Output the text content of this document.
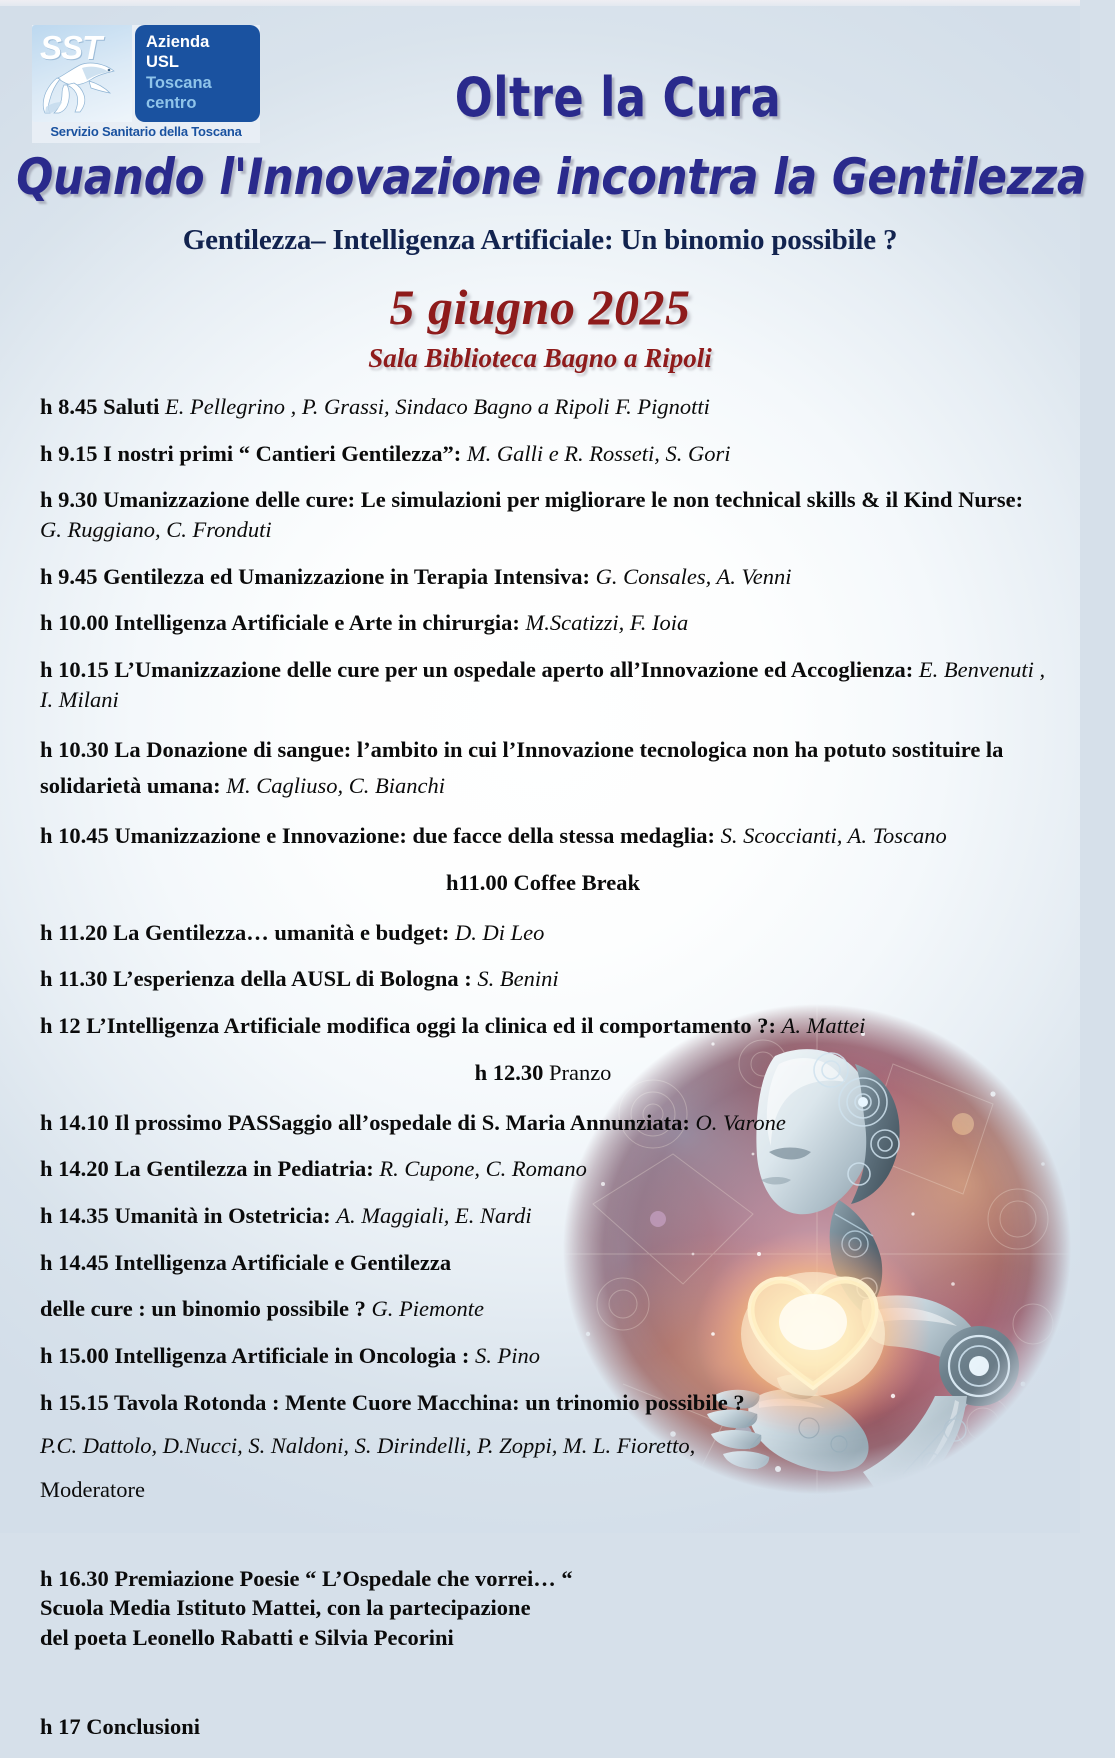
SST	Azienda
USL
Toscana
centro
Servizio Sanitario della Toscana
Oltre la Cura
Quando l'Innovazione incontra la Gentilezza
Gentilezza– Intelligenza Artificiale: Un binomio possibile ?
5 giugno 2025
Sala Biblioteca Bagno a Ripoli
h 8.45 Saluti E. Pellegrino , P. Grassi, Sindaco Bagno a Ripoli F. Pignotti
h 9.15 I nostri primi “ Cantieri Gentilezza”: M. Galli e R. Rosseti, S. Gori
h 9.30 Umanizzazione delle cure: Le simulazioni per migliorare le non technical skills & il Kind Nurse: G. Ruggiano, C. Fronduti
h 9.45 Gentilezza ed Umanizzazione in Terapia Intensiva: G. Consales, A. Venni
h 10.00 Intelligenza Artificiale e Arte in chirurgia: M.Scatizzi, F. Ioia
h 10.15 L’Umanizzazione delle cure per un ospedale aperto all’Innovazione ed Accoglienza: E. Benvenuti , I. Milani
h 10.30 La Donazione di sangue: l’ambito in cui l’Innovazione tecnologica non ha potuto sostituire la solidarietà umana: M. Cagliuso, C. Bianchi
h 10.45 Umanizzazione e Innovazione: due facce della stessa medaglia: S. Scoccianti, A. Toscano
h11.00 Coffee Break
h 11.20 La Gentilezza… umanità e budget: D. Di Leo
h 11.30 L’esperienza della AUSL di Bologna : S. Benini
h 12 L’Intelligenza Artificiale modifica oggi la clinica ed il comportamento ?: A. Mattei
h 12.30 Pranzo
h 14.10 Il prossimo PASSaggio all’ospedale di S. Maria Annunziata: O. Varone
h 14.20 La Gentilezza in Pediatria: R. Cupone, C. Romano
h 14.35 Umanità in Ostetricia: A. Maggiali, E. Nardi
h 14.45 Intelligenza Artificiale e Gentilezza
delle cure : un binomio possibile ? G. Piemonte
h 15.00 Intelligenza Artificiale in Oncologia : S. Pino
h 15.15 Tavola Rotonda : Mente Cuore Macchina: un trinomio possibile ?
P.C. Dattolo, D.Nucci, S. Naldoni, S. Dirindelli, P. Zoppi, M. L. Fioretto,
Moderatore
h 16.30 Premiazione Poesie “ L’Ospedale che vorrei… “
Scuola Media Istituto Mattei, con la partecipazione
del poeta Leonello Rabatti e Silvia Pecorini
h 17 Conclusioni
